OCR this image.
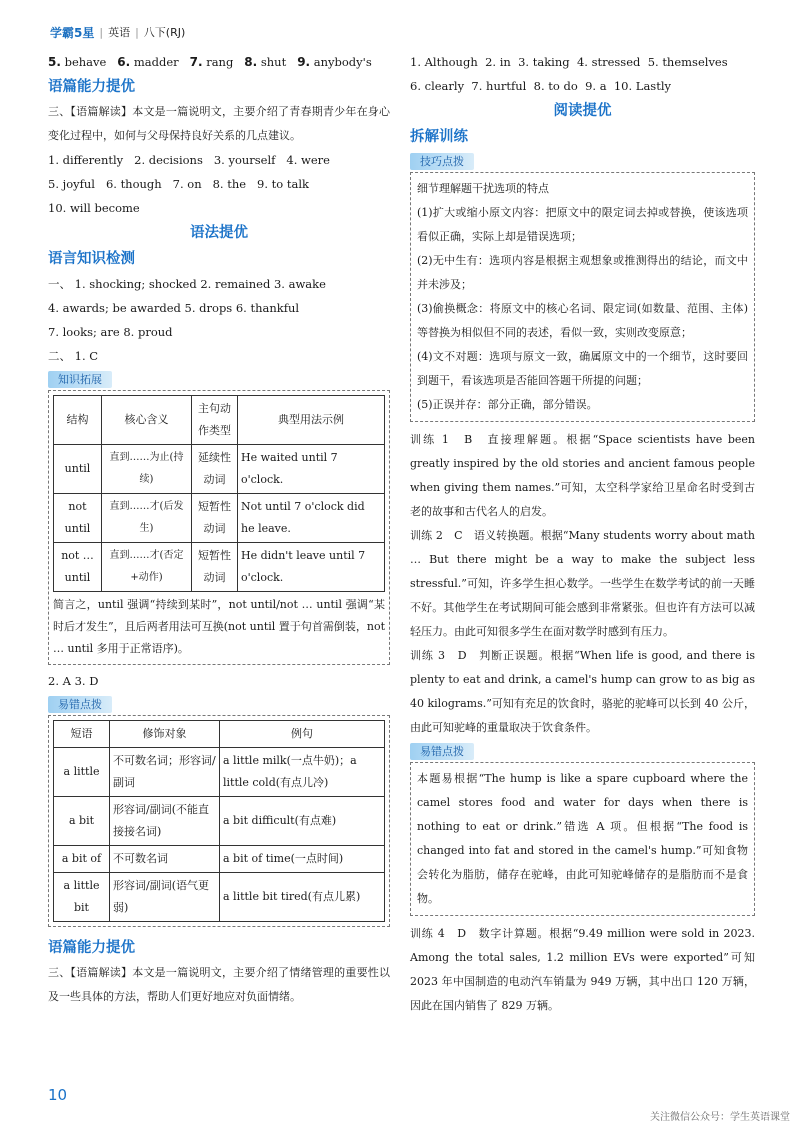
学霸5星 | 英语 | 八下(RJ)
5. behave 6. madder 7. rang 8. shut 9. anybody's
语篇能力提优
三、【语篇解读】本文是一篇说明文，主要介绍了青春期青少年在身心变化过程中，如何与父母保持良好关系的几点建议。
1. differently 2. decisions 3. yourself 4. were
5. joyful 6. though 7. on 8. the 9. to talk
10. will become
语法提优
语言知识检测
一、 1. shocking; shocked 2. remained 3. awake
4. awards; be awarded 5. drops 6. thankful
7. looks; are 8. proud
二、 1. C
知识拓展
结构	核心含义	主句动作类型	典型用法示例
until	直到……为止(持续)	延续性动词	He waited until 7 o'clock.
not until	直到……才(后发生)	短暂性动词	Not until 7 o'clock did he leave.
not … until	直到……才(否定+动作)	短暂性动词	He didn't leave until 7 o'clock.
简言之，until 强调“持续到某时”，not until/not … until 强调“某时后才发生”，且后两者用法可互换(not until 置于句首需倒装，not … until 多用于正常语序)。
2. A 3. D
易错点拨
短语	修饰对象	例句
a little	不可数名词；形容词/副词	a little milk(一点牛奶)；a little cold(有点儿冷)
a bit	形容词/副词(不能直接接名词)	a bit difficult(有点难)
a bit of	不可数名词	a bit of time(一点时间)
a little bit	形容词/副词(语气更弱)	a little bit tired(有点儿累)
语篇能力提优
三、【语篇解读】本文是一篇说明文，主要介绍了情绪管理的重要性以及一些具体的方法，帮助人们更好地应对负面情绪。
1. Although 2. in 3. taking 4. stressed 5. themselves
6. clearly 7. hurtful 8. to do 9. a 10. Lastly
阅读提优
拆解训练
技巧点拨
细节理解题干扰选项的特点
(1)扩大或缩小原文内容：把原文中的限定词去掉或替换，使该选项看似正确，实际上却是错误选项；
(2)无中生有：选项内容是根据主观想象或推测得出的结论，而文中并未涉及；
(3)偷换概念：将原文中的核心名词、限定词(如数量、范围、主体)等替换为相似但不同的表述，看似一致，实则改变原意；
(4)文不对题：选项与原文一致，确属原文中的一个细节，这时要回到题干，看该选项是否能回答题干所提的问题；
(5)正误并存：部分正确，部分错误。
训练 1　B　直接理解题。根据“Space scientists have been greatly inspired by the old stories and ancient famous people when giving them names.”可知，太空科学家给卫星命名时受到古老的故事和古代名人的启发。
训练 2　C　语义转换题。根据“Many students worry about math … But there might be a way to make the subject less stressful.”可知，许多学生担心数学。一些学生在数学考试的前一天睡不好。其他学生在考试期间可能会感到非常紧张。但也许有方法可以减轻压力。由此可知很多学生在面对数学时感到有压力。
训练 3　D　判断正误题。根据“When life is good, and there is plenty to eat and drink, a camel's hump can grow to as big as 40 kilograms.”可知有充足的饮食时，骆驼的驼峰可以长到 40 公斤，由此可知驼峰的重量取决于饮食条件。
易错点拨
本题易根据“The hump is like a spare cupboard where the camel stores food and water for days when there is nothing to eat or drink.”错选 A 项。但根据“The food is changed into fat and stored in the camel's hump.”可知食物会转化为脂肪，储存在驼峰，由此可知驼峰储存的是脂肪而不是食物。
训练 4　D　数字计算题。根据“9.49 million were sold in 2023. Among the total sales, 1.2 million EVs were exported”可知 2023 年中国制造的电动汽车销量为 949 万辆，其中出口 120 万辆，因此在国内销售了 829 万辆。
10
关注微信公众号：学生英语课堂
